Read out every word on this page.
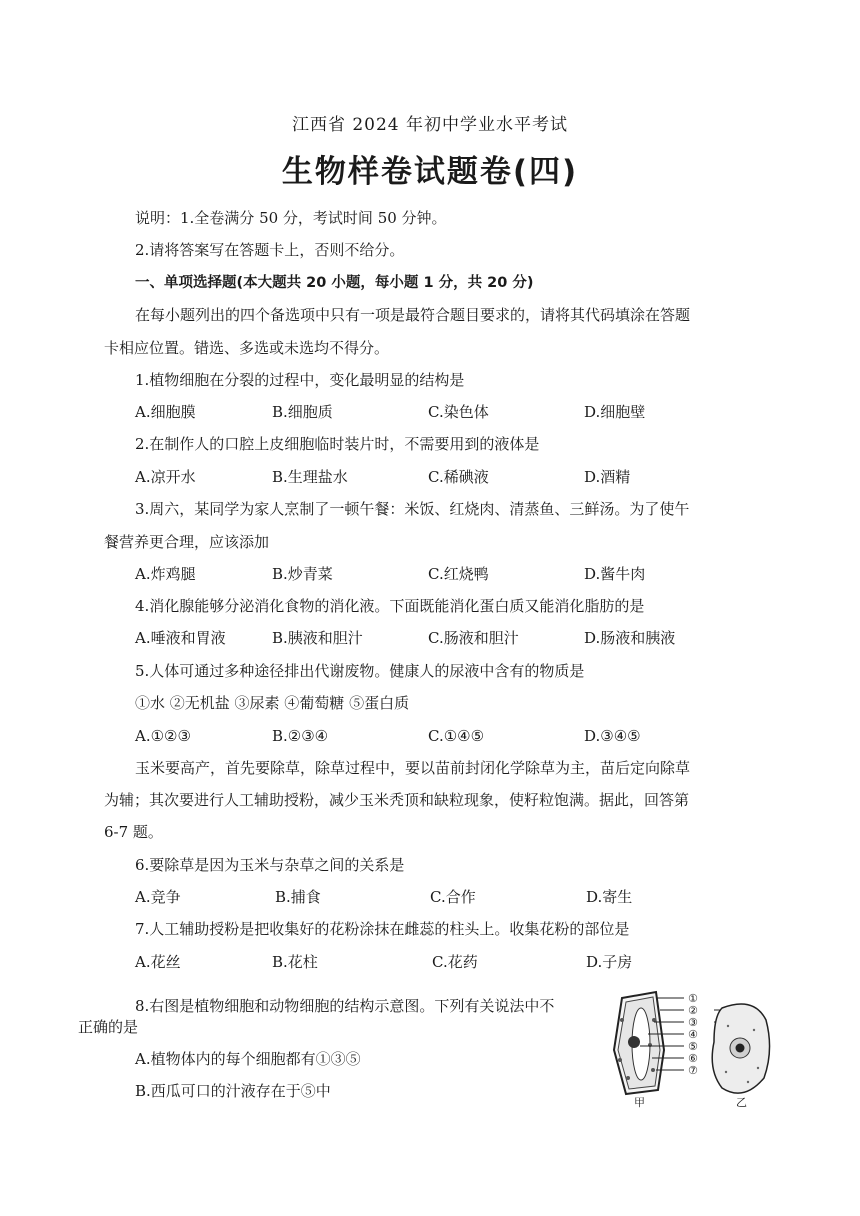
江西省 2024 年初中学业水平考试
生物样卷试题卷(四)
说明：1.全卷满分 50 分，考试时间 50 分钟。
2.请将答案写在答题卡上，否则不给分。
一、单项选择题(本大题共 20 小题，每小题 1 分，共 20 分)
在每小题列出的四个备选项中只有一项是最符合题目要求的，请将其代码填涂在答题
卡相应位置。错选、多选或未选均不得分。
1.植物细胞在分裂的过程中，变化最明显的结构是
A.细胞膜	B.细胞质	C.染色体	D.细胞壁
2.在制作人的口腔上皮细胞临时装片时，不需要用到的液体是
A.凉开水	B.生理盐水	C.稀碘液	D.酒精
3.周六，某同学为家人烹制了一顿午餐：米饭、红烧肉、清蒸鱼、三鲜汤。为了使午
餐营养更合理，应该添加
A.炸鸡腿	B.炒青菜	C.红烧鸭	D.酱牛肉
4.消化腺能够分泌消化食物的消化液。下面既能消化蛋白质又能消化脂肪的是
A.唾液和胃液	B.胰液和胆汁	C.肠液和胆汁	D.肠液和胰液
5.人体可通过多种途径排出代谢废物。健康人的尿液中含有的物质是
①水 ②无机盐 ③尿素 ④葡萄糖 ⑤蛋白质
A.①②③	B.②③④	C.①④⑤	D.③④⑤
玉米要高产，首先要除草，除草过程中，要以苗前封闭化学除草为主，苗后定向除草
为辅；其次要进行人工辅助授粉，减少玉米秃顶和缺粒现象，使籽粒饱满。据此，回答第
6-7 题。
6.要除草是因为玉米与杂草之间的关系是
A.竞争	B.捕食	C.合作	D.寄生
7.人工辅助授粉是把收集好的花粉涂抹在雌蕊的柱头上。收集花粉的部位是
A.花丝	B.花柱	C.花药	D.子房
8.右图是植物细胞和动物细胞的结构示意图。下列有关说法中不
正确的是
A.植物体内的每个细胞都有①③⑤
B.西瓜可口的汁液存在于⑤中
①
②
③
④
⑤
⑥
⑦
甲	乙
